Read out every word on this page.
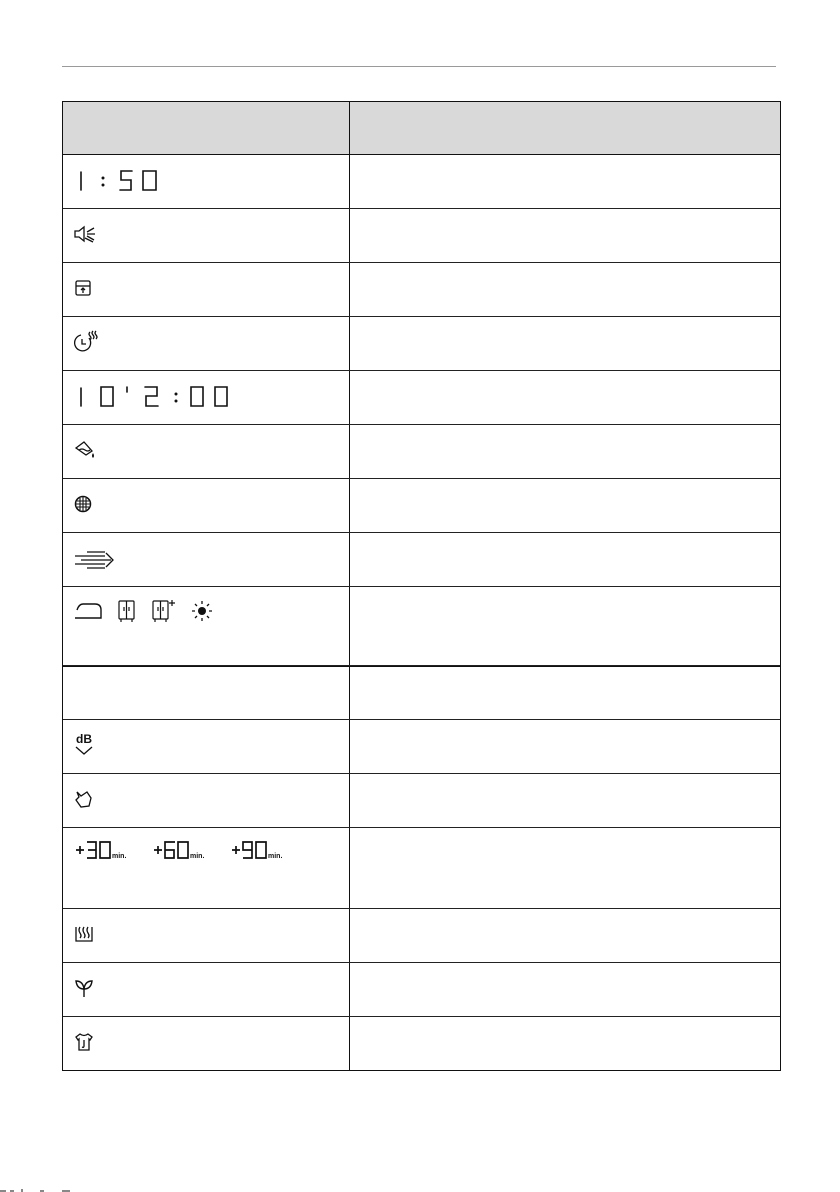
dB
min.	min.	min.
